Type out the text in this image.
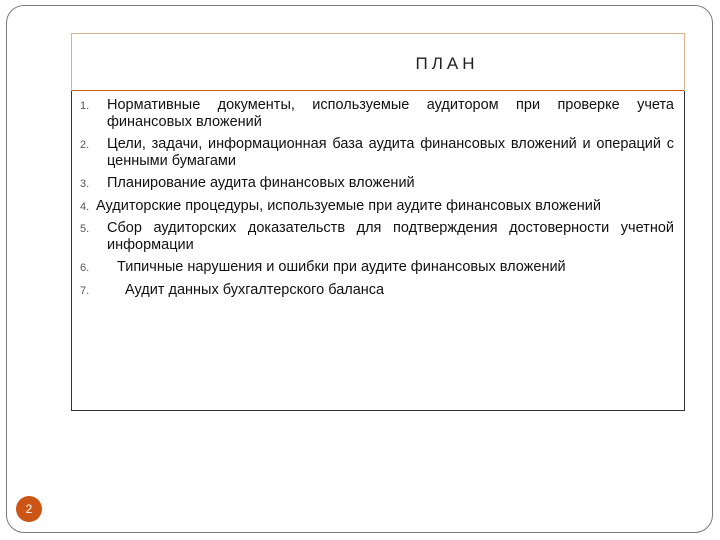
ПЛАН
1. Нормативные документы, используемые аудитором при проверке учета финансовых вложений
2. Цели, задачи, информационная база аудита финансовых вложений и операций с ценными бумагами
3. Планирование аудита финансовых вложений
4. Аудиторские процедуры, используемые при аудите финансовых вложений
5. Сбор аудиторских доказательств для подтверждения достоверности учетной информации
6. Типичные нарушения и ошибки при аудите финансовых вложений
7. Аудит данных бухгалтерского баланса
2
